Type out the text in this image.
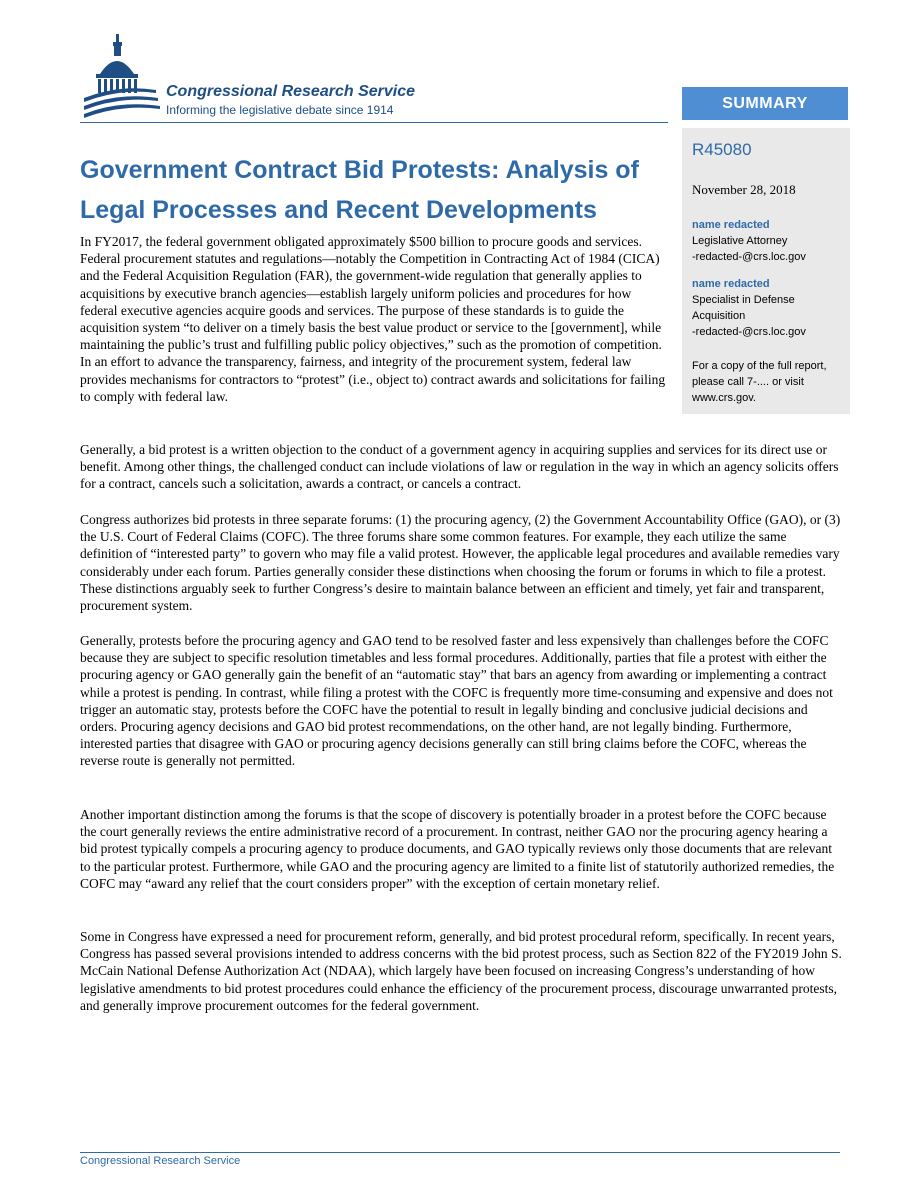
Congressional Research Service
Informing the legislative debate since 1914	SUMMARY
R45080
November 28, 2018
name redacted
Legislative Attorney
-redacted-@crs.loc.gov
name redacted
Specialist in Defense
Acquisition
-redacted-@crs.loc.gov
For a copy of the full report,
please call 7-.... or visit
www.crs.gov.
Government Contract Bid Protests: Analysis of
Legal Processes and Recent Developments

In FY2017, the federal government obligated approximately $500 billion to procure goods and services. Federal procurement statutes and regulations—notably the Competition in Contracting Act of 1984 (CICA) and the Federal Acquisition Regulation (FAR), the government-wide regulation that generally applies to acquisitions by executive branch agencies—establish largely uniform policies and procedures for how federal executive agencies acquire goods and services. The purpose of these standards is to guide the acquisition system “to deliver on a timely basis the best value product or service to the [government], while maintaining the public’s trust and fulfilling public policy objectives,” such as the promotion of competition. In an effort to advance the transparency, fairness, and integrity of the procurement system, federal law provides mechanisms for contractors to “protest” (i.e., object to) contract awards and solicitations for failing to comply with federal law.

Generally, a bid protest is a written objection to the conduct of a government agency in acquiring supplies and services for its direct use or benefit. Among other things, the challenged conduct can include violations of law or regulation in the way in which an agency solicits offers for a contract, cancels such a solicitation, awards a contract, or cancels a contract.

Congress authorizes bid protests in three separate forums: (1) the procuring agency, (2) the Government Accountability Office (GAO), or (3) the U.S. Court of Federal Claims (COFC). The three forums share some common features. For example, they each utilize the same definition of “interested party” to govern who may file a valid protest. However, the applicable legal procedures and available remedies vary considerably under each forum. Parties generally consider these distinctions when choosing the forum or forums in which to file a protest. These distinctions arguably seek to further Congress’s desire to maintain balance between an efficient and timely, yet fair and transparent, procurement system.

Generally, protests before the procuring agency and GAO tend to be resolved faster and less expensively than challenges before the COFC because they are subject to specific resolution timetables and less formal procedures. Additionally, parties that file a protest with either the procuring agency or GAO generally gain the benefit of an “automatic stay” that bars an agency from awarding or implementing a contract while a protest is pending. In contrast, while filing a protest with the COFC is frequently more time-consuming and expensive and does not trigger an automatic stay, protests before the COFC have the potential to result in legally binding and conclusive judicial decisions and orders. Procuring agency decisions and GAO bid protest recommendations, on the other hand, are not legally binding. Furthermore, interested parties that disagree with GAO or procuring agency decisions generally can still bring claims before the COFC, whereas the reverse route is generally not permitted.

Another important distinction among the forums is that the scope of discovery is potentially broader in a protest before the COFC because the court generally reviews the entire administrative record of a procurement. In contrast, neither GAO nor the procuring agency hearing a bid protest typically compels a procuring agency to produce documents, and GAO typically reviews only those documents that are relevant to the particular protest. Furthermore, while GAO and the procuring agency are limited to a finite list of statutorily authorized remedies, the COFC may “award any relief that the court considers proper” with the exception of certain monetary relief.

Some in Congress have expressed a need for procurement reform, generally, and bid protest procedural reform, specifically. In recent years, Congress has passed several provisions intended to address concerns with the bid protest process, such as Section 822 of the FY2019 John S. McCain National Defense Authorization Act (NDAA), which largely have been focused on increasing Congress’s understanding of how legislative amendments to bid protest procedures could enhance the efficiency of the procurement process, discourage unwarranted protests, and generally improve procurement outcomes for the federal government.

Congressional Research Service
